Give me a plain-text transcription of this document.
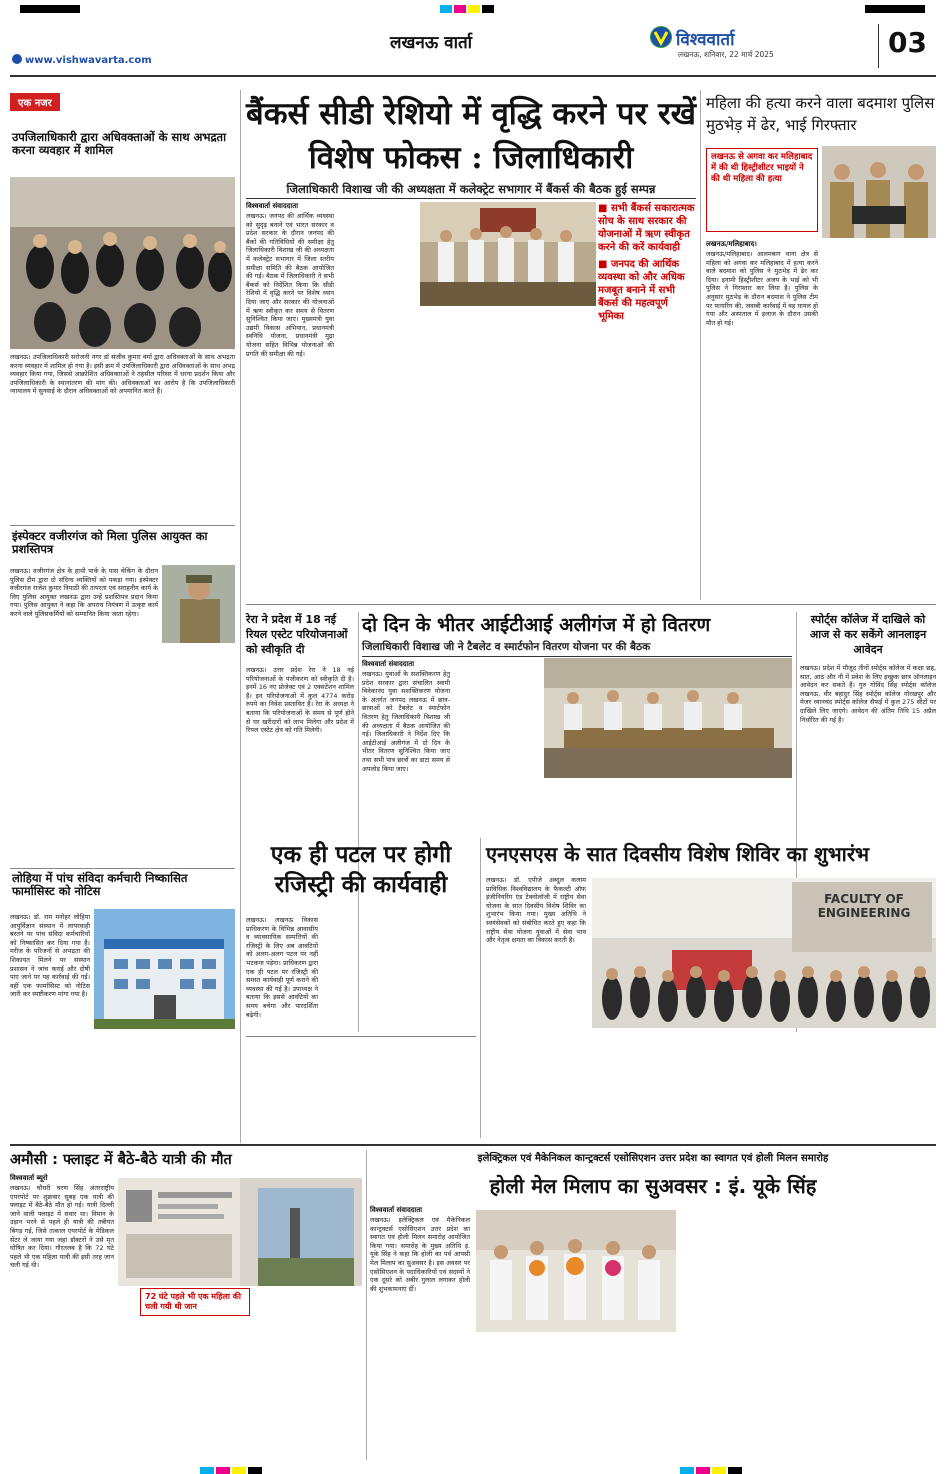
www.vishwavarta.com
लखनऊ वार्ता	विश्ववार्ता
लखनऊ, शनिवार, 22 मार्च 2025	03
एक नजर
उपजिलाधिकारी द्वारा अधिवक्ताओं के साथ अभद्रता करना व्यवहार में शामिल
लखनऊ। उपजिलाधिकारी सरोजनी नगर डॉ संजीव कुमार वर्मा द्वारा अधिवक्ताओं के साथ अभद्रता करना व्यवहार में शामिल हो गया है। इसी क्रम में उपजिलाधिकारी द्वारा अधिवक्ताओं के साथ अभद्र व्यवहार किया गया, जिससे आक्रोशित अधिवक्ताओं ने तहसील परिसर में धरना प्रदर्शन किया और उपजिलाधिकारी के स्थानांतरण की मांग की। अधिवक्ताओं का आरोप है कि उपजिलाधिकारी न्यायालय में सुनवाई के दौरान अधिवक्ताओं को अपमानित करते हैं।
इंस्पेक्टर वजीरगंज को मिला पुलिस आयुक्त का प्रशस्तिपत्र
लखनऊ। वजीरगंज क्षेत्र के हाथी पार्क के पास चेकिंग के दौरान पुलिस टीम द्वारा दो संदिग्ध व्यक्तियों को पकड़ा गया। इंस्पेक्टर वजीरगंज राजेश कुमार त्रिपाठी की तत्परता एवं सराहनीय कार्य के लिए पुलिस आयुक्त लखनऊ द्वारा उन्हें प्रशस्तिपत्र प्रदान किया गया। पुलिस आयुक्त ने कहा कि अपराध नियंत्रण में उत्कृष्ट कार्य करने वाले पुलिसकर्मियों को सम्मानित किया जाता रहेगा।
लोहिया में पांच संविदा कर्मचारी निष्कासित फार्मासिस्ट को नोटिस
लखनऊ। डॉ. राम मनोहर लोहिया आयुर्विज्ञान संस्थान में लापरवाही बरतने पर पांच संविदा कर्मचारियों को निष्कासित कर दिया गया है। मरीज के परिजनों से अभद्रता की शिकायत मिलने पर संस्थान प्रशासन ने जांच कराई और दोषी पाए जाने पर यह कार्रवाई की गई। वहीं एक फार्मासिस्ट को नोटिस जारी कर स्पष्टीकरण मांगा गया है।
बैंकर्स सीडी रेशियो में वृद्धि करने पर रखें विशेष फोकस : जिलाधिकारी
जिलाधिकारी विशाख जी की अध्यक्षता में कलेक्ट्रेट सभागार में बैंकर्स की बैठक हुई सम्पन्न
विश्ववार्ता संवाददाता
लखनऊ। जनपद की आर्थिक व्यवस्था को सुदृढ़ बनाने एवं भारत सरकार व प्रदेश सरकार के दौरान जनपद की बैंकों की गतिविधियों की समीक्षा हेतु जिलाधिकारी विशाख जी की अध्यक्षता में कलेक्ट्रेट सभागार में जिला स्तरीय समीक्षा समिति की बैठक आयोजित की गई। बैठक में जिलाधिकारी ने सभी बैंकर्स को निर्देशित किया कि सीडी रेशियो में वृद्धि करने पर विशेष ध्यान दिया जाए और सरकार की योजनाओं में ऋण स्वीकृत कर समय से वितरण सुनिश्चित किया जाए। मुख्यमंत्री युवा उद्यमी विकास अभियान, प्रधानमंत्री स्वनिधि योजना, प्रधानमंत्री मुद्रा योजना सहित विभिन्न योजनाओं की प्रगति की समीक्षा की गई।
■ सभी बैंकर्स सकारात्मक सोच के साथ सरकार की योजनाओं में ऋण स्वीकृत करने की करें कार्यवाही
■ जनपद की आर्थिक व्यवस्था को और अधिक मजबूत बनाने में सभी बैंकर्स की महत्वपूर्ण भूमिका
महिला की हत्या करने वाला बदमाश पुलिस मुठभेड़ में ढेर, भाई गिरफ्तार
लखनऊ से अगवा कर मलिहाबाद में की थी हिस्ट्रीशीटर भाइयों ने की थी महिला की हत्या
लखनऊ/मलिहाबाद।
लखनऊ/मलिहाबाद। आलमबाग थाना क्षेत्र से महिला को अगवा कर मलिहाबाद में हत्या करने वाले बदमाश को पुलिस ने मुठभेड़ में ढेर कर दिया। इनामी हिस्ट्रीशीटर अजय के भाई को भी पुलिस ने गिरफ्तार कर लिया है। पुलिस के अनुसार मुठभेड़ के दौरान बदमाश ने पुलिस टीम पर फायरिंग की, जवाबी कार्रवाई में वह घायल हो गया और अस्पताल में इलाज के दौरान उसकी मौत हो गई।
रेरा ने प्रदेश में 18 नई रियल एस्टेट परियोजनाओं को स्वीकृति दी
लखनऊ। उत्तर प्रदेश रेरा ने 18 नई परियोजनाओं के पंजीकरण को स्वीकृति दी है। इनमें 16 नए प्रोजेक्ट एवं 2 एक्सटेंशन शामिल हैं। इन परियोजनाओं में कुल 4774 करोड़ रुपये का निवेश प्रस्तावित है। रेरा के अध्यक्ष ने बताया कि परियोजनाओं के समय से पूर्ण होने से घर खरीदारों को लाभ मिलेगा और प्रदेश में रियल एस्टेट क्षेत्र को गति मिलेगी।
दो दिन के भीतर आईटीआई अलीगंज में हो वितरण
जिलाधिकारी विशाख जी ने टैबलेट व स्मार्टफोन वितरण योजना पर की बैठक
विश्ववार्ता संवाददाता
लखनऊ। युवाओं के सशक्तिकरण हेतु प्रदेश सरकार द्वारा संचालित स्वामी विवेकानंद युवा सशक्तिकरण योजना के अंतर्गत जनपद लखनऊ में छात्र-छात्राओं को टैबलेट व स्मार्टफोन वितरण हेतु जिलाधिकारी विशाख जी की अध्यक्षता में बैठक आयोजित की गई। जिलाधिकारी ने निर्देश दिए कि आईटीआई अलीगंज में दो दिन के भीतर वितरण सुनिश्चित किया जाए तथा सभी पात्र छात्रों का डाटा समय से अपलोड किया जाए।
स्पोर्ट्स कॉलेज में दाखिले को आज से कर सकेंगे आनलाइन आवेदन
लखनऊ। प्रदेश में मौजूद तीनों स्पोर्ट्स कॉलेज में कक्षा छह, सात, आठ और नौ में प्रवेश के लिए इच्छुक छात्र ऑनलाइन आवेदन कर सकते हैं। गुरु गोविंद सिंह स्पोर्ट्स कॉलेज लखनऊ, वीर बहादुर सिंह स्पोर्ट्स कॉलेज गोरखपुर और मेजर ध्यानचंद स्पोर्ट्स कॉलेज सैफई में कुल 275 सीटों पर दाखिले लिए जाएंगे। आवेदन की अंतिम तिथि 15 अप्रैल निर्धारित की गई है।
एक ही पटल पर होगी रजिस्ट्री की कार्यवाही
लखनऊ। लखनऊ विकास प्राधिकरण के विभिन्न आवासीय व व्यावसायिक सम्पत्तियों की रजिस्ट्री के लिए अब आवंटियों को अलग-अलग पटल पर नहीं भटकना पड़ेगा। प्राधिकरण द्वारा एक ही पटल पर रजिस्ट्री की समस्त कार्यवाही पूर्ण कराने की व्यवस्था की गई है। उपाध्यक्ष ने बताया कि इससे आवंटियों का समय बचेगा और पारदर्शिता बढ़ेगी।
एनएसएस के सात दिवसीय विशेष शिविर का शुभारंभ
लखनऊ। डॉ. एपीजे अब्दुल कलाम प्राविधिक विश्वविद्यालय के फैकल्टी ऑफ इंजीनियरिंग एंड टेक्नोलॉजी में राष्ट्रीय सेवा योजना के सात दिवसीय विशेष शिविर का शुभारंभ किया गया। मुख्य अतिथि ने स्वयंसेवकों को संबोधित करते हुए कहा कि राष्ट्रीय सेवा योजना युवाओं में सेवा भाव और नेतृत्व क्षमता का विकास करती है।
FACULTY OF
ENGINEERING
अमौसी : फ्लाइट में बैठे-बैठे यात्री की मौत
विश्ववार्ता ब्यूरो
लखनऊ। चौधरी चरण सिंह अंतरराष्ट्रीय एयरपोर्ट पर शुक्रवार सुबह एक यात्री की फ्लाइट में बैठे-बैठे मौत हो गई। यात्री दिल्ली जाने वाली फ्लाइट में सवार था। विमान के उड़ान भरने से पहले ही यात्री की तबीयत बिगड़ गई, जिसे तत्काल एयरपोर्ट के मेडिकल सेंटर ले जाया गया जहां डॉक्टरों ने उसे मृत घोषित कर दिया। गौरतलब है कि 72 घंटे पहले भी एक महिला यात्री की इसी तरह जान चली गई थी।
72 घंटे पहले भी एक महिला की चली गयी थी जान
इलेक्ट्रिकल एवं मैकेनिकल कान्ट्रक्टर्स एसोसिएशन उत्तर प्रदेश का स्वागत एवं होली मिलन समारोह
होली मेल मिलाप का सुअवसर : इं. यूके सिंह
विश्ववार्ता संवाददाता
लखनऊ। इलेक्ट्रिकल एवं मैकेनिकल कान्ट्रक्टर्स एसोसिएशन उत्तर प्रदेश का स्वागत एवं होली मिलन समारोह आयोजित किया गया। समारोह के मुख्य अतिथि इं. यूके सिंह ने कहा कि होली का पर्व आपसी मेल मिलाप का सुअवसर है। इस अवसर पर एसोसिएशन के पदाधिकारियों एवं सदस्यों ने एक दूसरे को अबीर गुलाल लगाकर होली की शुभकामनाएं दीं।
